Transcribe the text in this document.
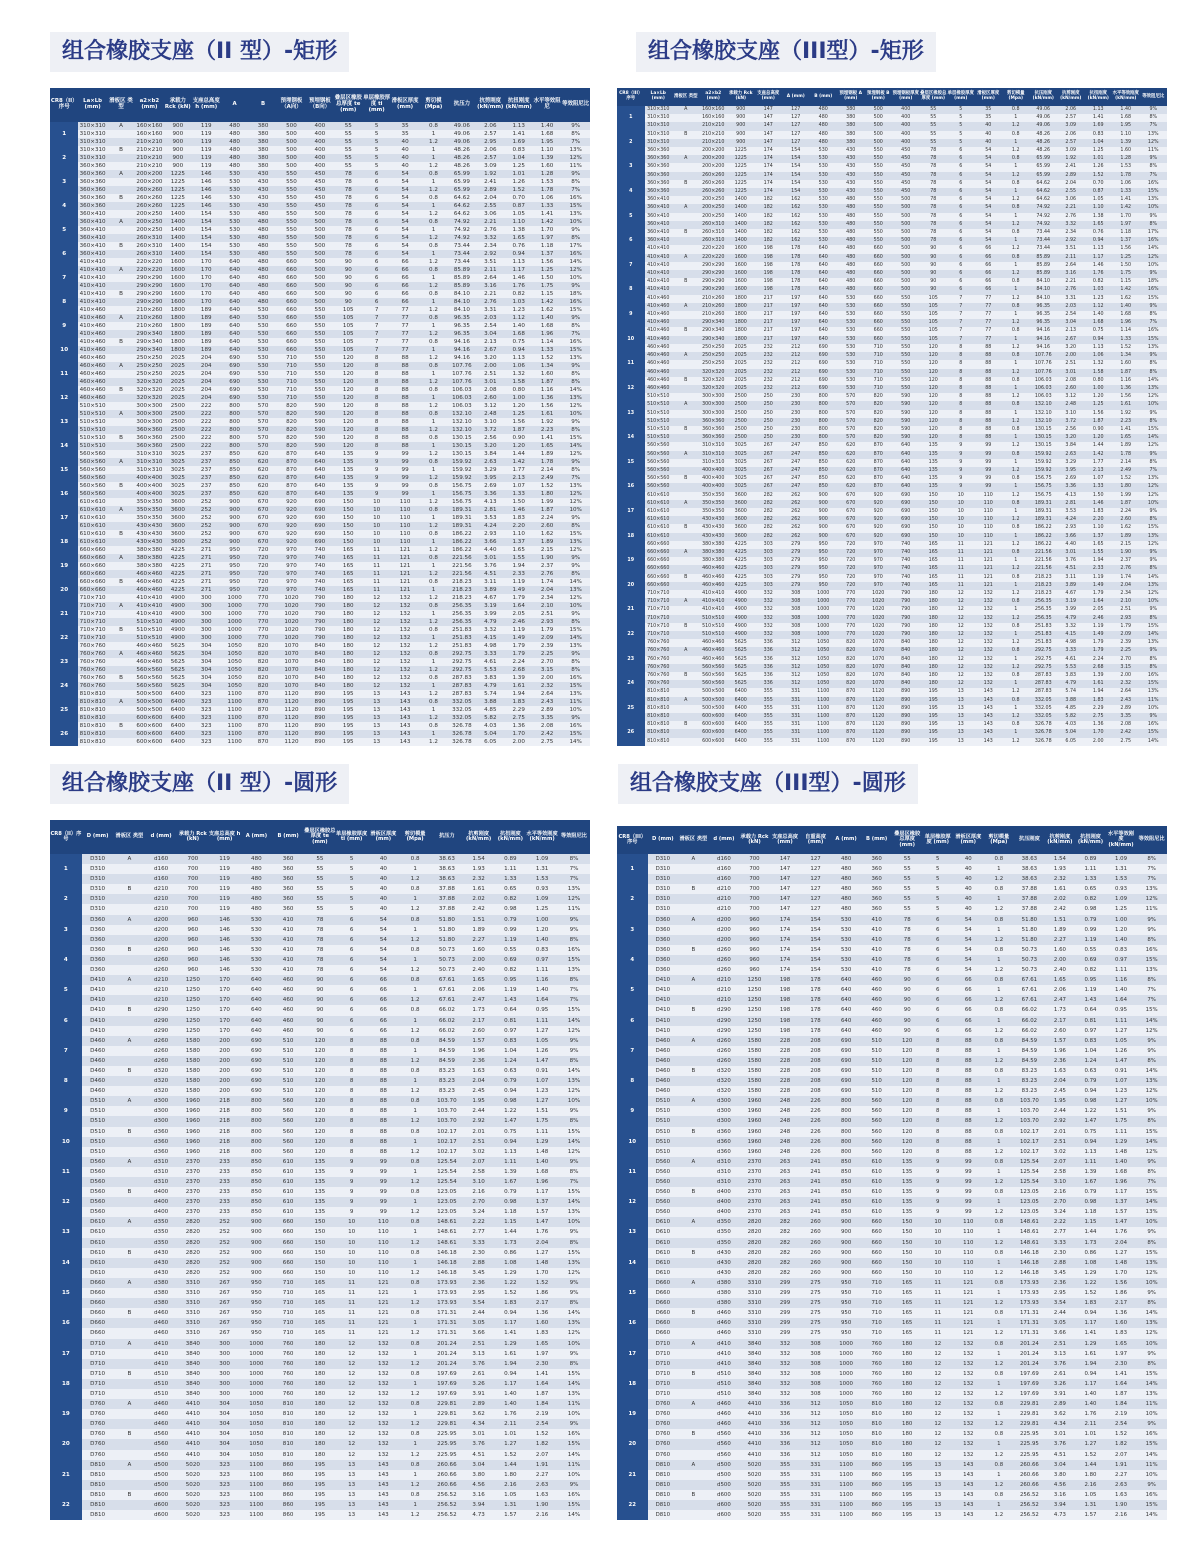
组合橡胶支座（II 型）-矩形
CR8（II）序号	La×Lb (mm)	滑板区 类型	a2×b2 (mm)	承载力 Rck (kN)	支座总高度 h (mm)	A	B	预埋钢板（A向）	预埋钢板（B向）	叠层区橡胶总厚度 te (mm)	单层橡胶厚度 ti (mm)	滑板区厚度 (mm)	剪切模 (Mpa)	抗压力	抗剪刚度 (kN/mm)	抗扭刚度 (kN/mm)	水平等效阻尼	等效阻尼比
1	310×310	A	160×160	900	119	480	380	500	400	55	5	35	0.8	49.06	2.06	1.13	1.40	9%
	310×310		160×160	900	119	480	380	500	400	55	5	35	1	49.06	2.57	1.41	1.68	8%
	310×310		210×210	900	119	480	380	500	400	55	5	40	1.2	49.06	2.95	1.69	1.95	7%
2	310×310	B	210×210	900	119	480	380	500	400	55	5	40	1	48.26	2.06	0.83	1.10	13%
	310×310		210×210	900	119	480	380	500	400	55	5	40	1	48.26	2.57	1.04	1.39	12%
	360×360		210×210	900	119	480	380	500	400	55	5	40	1.2	48.26	3.09	1.25	1.60	11%
3	360×360	A	200×200	1225	146	530	430	550	450	78	6	54	0.8	65.99	1.92	1.01	1.28	9%
	360×360		200×200	1225	146	530	430	550	450	78	6	54	1	65.99	2.41	1.26	1.53	8%
	360×360		260×260	1225	146	530	430	550	450	78	6	54	1.2	65.99	2.89	1.52	1.78	7%
4	360×360	B	260×260	1225	146	530	430	550	450	78	6	54	0.8	64.62	2.04	0.70	1.06	16%
	360×360		260×260	1225	146	530	430	550	450	78	6	54	1	64.62	2.55	0.87	1.33	15%
	360×410		200×250	1400	154	530	480	550	500	78	6	54	1.2	64.62	3.06	1.05	1.41	13%
5	360×410	A	200×250	1400	154	530	480	550	500	78	6	54	0.8	74.92	2.21	1.10	1.42	10%
	360×410		200×250	1400	154	530	480	550	500	78	6	54	1	74.92	2.76	1.38	1.70	9%
	360×410		260×310	1400	154	530	480	550	500	78	6	54	1.2	74.92	3.32	1.65	1.97	8%
6	360×410	B	260×310	1400	154	530	480	550	500	78	6	54	0.8	73.44	2.34	0.76	1.18	17%
	360×410		260×310	1400	154	530	480	550	500	78	6	54	1	73.44	2.92	0.94	1.37	16%
	410×410		220×220	1600	170	640	480	660	500	90	6	66	1.2	73.44	3.51	1.13	1.56	14%
7	410×410	A	220×220	1600	170	640	480	660	500	90	6	66	0.8	85.89	2.11	1.17	1.25	12%
	410×410		290×290	1600	170	640	480	660	500	90	6	66	1	85.89	2.64	1.46	1.50	10%
	410×410		290×290	1600	170	640	480	660	500	90	6	66	1.2	85.89	3.16	1.76	1.75	9%
8	410×410	B	290×290	1600	170	640	480	660	500	90	6	66	0.8	84.10	2.21	0.82	1.15	18%
	410×410		290×290	1600	170	640	480	660	500	90	6	66	1	84.10	2.76	1.03	1.42	16%
	410×460		210×260	1800	189	640	530	660	550	105	7	77	1.2	84.10	3.31	1.23	1.62	15%
9	410×460	A	210×260	1800	189	640	530	660	550	105	7	77	0.8	96.35	2.03	1.12	1.40	9%
	410×460		210×260	1800	189	640	530	660	550	105	7	77	1	96.35	2.54	1.40	1.68	8%
	410×460		290×340	1800	189	640	530	660	550	105	7	77	1.2	96.35	3.04	1.68	1.96	7%
10	410×460	B	290×340	1800	189	640	530	660	550	105	7	77	0.8	94.16	2.13	0.75	1.14	16%
	410×460		290×340	1800	189	640	530	660	550	105	7	77	1	94.16	2.67	0.94	1.33	15%
	460×460		250×250	2025	204	690	530	710	550	120	8	88	1.2	94.16	3.20	1.13	1.52	13%
11	460×460	A	250×250	2025	204	690	530	710	550	120	8	88	0.8	107.76	2.00	1.06	1.34	9%
	460×460		250×250	2025	204	690	530	710	550	120	8	88	1	107.76	2.51	1.32	1.60	8%
	460×460		320×320	2025	204	690	530	710	550	120	8	88	1.2	107.76	3.01	1.58	1.87	8%
12	460×460	B	320×320	2025	204	690	530	710	550	120	8	88	0.8	106.03	2.08	0.80	1.16	14%
	460×460		320×320	2025	204	690	530	710	550	120	8	88	1	106.03	2.60	1.00	1.36	13%
	510×510		300×300	2500	222	800	570	820	590	120	8	88	1.2	106.03	3.12	1.20	1.56	12%
13	510×510	A	300×300	2500	222	800	570	820	590	120	8	88	0.8	132.10	2.48	1.25	1.61	10%
	510×510		300×300	2500	222	800	570	820	590	120	8	88	1	132.10	3.10	1.56	1.92	9%
	510×510		360×360	2500	222	800	570	820	590	120	8	88	1.2	132.10	3.72	1.87	2.23	8%
14	510×510	B	360×360	2500	222	800	570	820	590	120	8	88	0.8	130.15	2.56	0.90	1.41	15%
	510×510		360×360	2500	222	800	570	820	590	120	8	88	1	130.15	3.20	1.20	1.65	14%
	560×560		310×310	3025	237	850	620	870	640	135	9	99	1.2	130.15	3.84	1.44	1.89	12%
15	560×560	A	310×310	3025	237	850	620	870	640	135	9	99	0.8	159.92	2.63	1.42	1.78	9%
	560×560		310×310	3025	237	850	620	870	640	135	9	99	1	159.92	3.29	1.77	2.14	8%
	560×560		400×400	3025	237	850	620	870	640	135	9	99	1.2	159.92	3.95	2.13	2.49	7%
16	560×560	B	400×400	3025	237	850	620	870	640	135	9	99	0.8	156.75	2.69	1.07	1.52	13%
	560×560		400×400	3025	237	850	620	870	640	135	9	99	1	156.75	3.36	1.33	1.80	12%
	610×610		350×350	3600	252	900	670	920	690	150	10	110	1.2	156.75	4.13	1.50	1.99	12%
17	610×610	A	350×350	3600	252	900	670	920	690	150	10	110	0.8	189.31	2.81	1.46	1.87	10%
	610×610		350×350	3600	252	900	670	920	690	150	10	110	1	189.31	3.53	1.83	2.24	9%
	610×610		430×430	3600	252	900	670	920	690	150	10	110	1.2	189.31	4.24	2.20	2.60	8%
18	610×610	B	430×430	3600	252	900	670	920	690	150	10	110	0.8	186.22	2.93	1.10	1.62	15%
	610×610		430×430	3600	252	900	670	920	690	150	10	110	1	186.22	3.66	1.37	1.89	13%
	660×660		380×380	4225	271	950	720	970	740	165	11	121	1.2	186.22	4.40	1.65	2.15	12%
19	660×660	A	380×380	4225	271	950	720	970	740	165	11	121	0.8	221.56	3.01	1.55	1.90	9%
	660×660		380×380	4225	271	950	720	970	740	165	11	121	1	221.56	3.76	1.94	2.37	9%
	660×660		460×460	4225	271	950	720	970	740	165	11	121	1.2	221.56	4.51	2.33	2.76	8%
20	660×660	B	460×460	4225	271	950	720	970	740	165	11	121	0.8	218.23	3.11	1.19	1.74	14%
	660×660		460×460	4225	271	950	720	970	740	165	11	121	1	218.23	3.89	1.49	2.04	13%
	710×710		410×410	4900	300	1000	770	1020	790	180	12	132	1.2	218.23	4.67	1.79	2.34	12%
21	710×710	A	410×410	4900	300	1000	770	1020	790	180	12	132	0.8	256.35	3.19	1.64	2.10	10%
	710×710		410×410	4900	300	1000	770	1020	790	180	12	132	1	256.35	3.99	2.05	2.51	9%
	710×710		510×510	4900	300	1000	770	1020	790	180	12	132	1.2	256.35	4.79	2.46	2.93	8%
22	710×710	B	510×510	4900	300	1000	770	1020	790	180	12	132	0.8	251.83	3.32	1.19	1.79	15%
	710×710		510×510	4900	300	1000	770	1020	790	180	12	132	1	251.83	4.15	1.49	2.09	14%
	760×760		460×460	5625	304	1050	820	1070	840	180	12	132	1.2	251.83	4.98	1.79	2.39	13%
23	760×760	A	460×460	5625	304	1050	820	1070	840	180	12	132	0.8	292.75	3.33	1.79	2.25	9%
	760×760		460×460	5625	304	1050	820	1070	840	180	12	132	1	292.75	4.61	2.24	2.70	8%
	760×760		560×560	5625	304	1050	820	1070	840	180	12	132	1.2	292.75	5.53	2.68	3.15	8%
24	760×760	B	560×560	5625	304	1050	820	1070	840	180	12	132	0.8	287.83	3.83	1.39	2.00	16%
	760×760		560×560	5625	304	1050	820	1070	840	180	12	132	1	287.83	4.79	1.61	2.32	15%
	810×810		500×500	6400	323	1100	870	1120	890	195	13	143	1.2	287.83	5.74	1.94	2.64	13%
25	810×810	A	500×500	6400	323	1100	870	1120	890	195	13	143	0.8	332.05	3.88	1.83	2.43	11%
	810×810		500×500	6400	323	1100	870	1120	890	195	13	143	1	332.05	4.85	2.29	2.89	10%
	810×810		600×600	6400	323	1100	870	1120	890	195	13	143	1.2	332.05	5.82	2.75	3.35	9%
26	810×810	B	600×600	6400	323	1100	870	1120	890	195	13	143	0.8	326.78	4.03	1.36	2.08	16%
	810×810		600×600	6400	323	1100	870	1120	890	195	13	143	1	326.78	5.04	1.70	2.42	15%
	810×810		600×600	6400	323	1100	870	1120	890	195	13	143	1.2	326.78	6.05	2.00	2.75	14%
组合橡胶支座（III型）-矩形
CR8（III）序号	La×Lb (mm)	滑板区 类型	a2×b2 (mm)	承载力 Rck (kN)	支座总高度 (mm)	A (mm)	B (mm)	预埋钢板 A (mm)	预埋钢板 B (mm)	预埋钢板厚度 (mm)	叠层区橡胶总厚度 (mm)	单层橡胶厚度 (mm)	滑板区厚度 (mm)	剪切模量 (Mpa)	抗压刚度 (kN/mm)	抗剪刚度 (kN/mm)	抗扭刚度 (kN/mm)	水平等效刚度 (kN/mm)	等效阻尼比
1	310×310	A	160×160	900	147	127	480	380	500	400	55	5	35	0.8	49.06	2.06	1.13	1.40	9%
	310×310		160×160	900	147	127	480	380	500	400	55	5	35	1	49.06	2.57	1.41	1.68	8%
	310×310		210×210	900	147	127	480	380	500	400	55	5	40	1.2	49.06	3.09	1.69	1.95	7%
2	310×310	B	210×210	900	147	127	480	380	500	400	55	5	40	0.8	48.26	2.06	0.83	1.10	13%
	310×310		210×210	900	147	127	480	380	500	400	55	5	40	1	48.26	2.57	1.04	1.39	12%
	360×360		200×200	1225	174	154	530	430	550	450	78	6	54	1.2	48.26	3.09	1.25	1.60	11%
3	360×360	A	200×200	1225	174	154	530	430	550	450	78	6	54	0.8	65.99	1.92	1.01	1.28	9%
	360×360		200×200	1225	174	154	530	430	550	450	78	6	54	1	65.99	2.41	1.26	1.53	8%
	360×360		260×260	1225	174	154	530	430	550	450	78	6	54	1.2	65.99	2.89	1.52	1.78	7%
4	360×360	B	260×260	1225	174	154	530	430	550	450	78	6	54	0.8	64.62	2.04	0.70	1.06	16%
	360×360		260×260	1225	174	154	530	430	550	450	78	6	54	1	64.62	2.55	0.87	1.33	15%
	360×410		200×250	1400	182	162	530	480	550	500	78	6	54	1.2	64.62	3.06	1.05	1.41	13%
5	360×410	A	200×250	1400	182	162	530	480	550	500	78	6	54	0.8	74.92	2.21	1.10	1.42	10%
	360×410		200×250	1400	182	162	530	480	550	500	78	6	54	1	74.92	2.76	1.38	1.70	9%
	360×410		260×310	1400	182	162	530	480	550	500	78	6	54	1.2	74.92	3.32	1.65	1.97	8%
6	360×410	B	260×310	1400	182	162	530	480	550	500	78	6	54	0.8	73.44	2.34	0.76	1.18	17%
	360×410		260×310	1400	182	162	530	480	550	500	78	6	54	1	73.44	2.92	0.94	1.37	16%
	410×410		220×220	1600	198	178	640	480	660	500	90	6	66	1.2	73.44	3.51	1.13	1.56	14%
7	410×410	A	220×220	1600	198	178	640	480	660	500	90	6	66	0.8	85.89	2.11	1.17	1.25	12%
	410×410		290×290	1600	198	178	640	480	660	500	90	6	66	1	85.89	2.64	1.46	1.50	10%
	410×410		290×290	1600	198	178	640	480	660	500	90	6	66	1.2	85.89	3.16	1.76	1.75	9%
8	410×410	B	290×290	1600	198	178	640	480	660	500	90	6	66	0.8	84.10	2.21	0.82	1.15	18%
	410×410		290×290	1600	198	178	640	480	660	500	90	6	66	1	84.10	2.76	1.03	1.42	16%
	410×460		210×260	1800	217	197	640	530	660	550	105	7	77	1.2	84.10	3.31	1.23	1.62	15%
9	410×460	A	210×260	1800	217	197	640	530	660	550	105	7	77	0.8	96.35	2.03	1.12	1.40	9%
	410×460		210×260	1800	217	197	640	530	660	550	105	7	77	1	96.35	2.54	1.40	1.68	8%
	410×460		290×340	1800	217	197	640	530	660	550	105	7	77	1.2	96.35	3.04	1.68	1.96	7%
10	410×460	B	290×340	1800	217	197	640	530	660	550	105	7	77	0.8	94.16	2.13	0.75	1.14	16%
	410×460		290×340	1800	217	197	640	530	660	550	105	7	77	1	94.16	2.67	0.94	1.33	15%
	460×460		250×250	2025	232	212	690	530	710	550	120	8	88	1.2	94.16	3.20	1.13	1.52	13%
11	460×460	A	250×250	2025	232	212	690	530	710	550	120	8	88	0.8	107.76	2.00	1.06	1.34	9%
	460×460		250×250	2025	232	212	690	530	710	550	120	8	88	1	107.76	2.51	1.32	1.60	8%
	460×460		320×320	2025	232	212	690	530	710	550	120	8	88	1.2	107.76	3.01	1.58	1.87	8%
12	460×460	B	320×320	2025	232	212	690	530	710	550	120	8	88	0.8	106.03	2.08	0.80	1.16	14%
	460×460		320×320	2025	232	212	690	530	710	550	120	8	88	1	106.03	2.60	1.00	1.36	13%
	510×510		300×300	2500	250	230	800	570	820	590	120	8	88	1.2	106.03	3.12	1.20	1.56	12%
13	510×510	A	300×300	2500	250	230	800	570	820	590	120	8	88	0.8	132.10	2.48	1.25	1.61	10%
	510×510		300×300	2500	250	230	800	570	820	590	120	8	88	1	132.10	3.10	1.56	1.92	9%
	510×510		360×360	2500	250	230	800	570	820	590	120	8	88	1.2	132.10	3.72	1.87	2.23	8%
14	510×510	B	360×360	2500	250	230	800	570	820	590	120	8	88	0.8	130.15	2.56	0.90	1.41	15%
	510×510		360×360	2500	250	230	800	570	820	590	120	8	88	1	130.15	3.20	1.20	1.65	14%
	560×560		310×310	3025	267	247	850	620	870	640	135	9	99	1.2	130.15	3.84	1.44	1.89	12%
15	560×560	A	310×310	3025	267	247	850	620	870	640	135	9	99	0.8	159.92	2.63	1.42	1.78	9%
	560×560		310×310	3025	267	247	850	620	870	640	135	9	99	1	159.92	3.29	1.77	2.14	8%
	560×560		400×400	3025	267	247	850	620	870	640	135	9	99	1.2	159.92	3.95	2.13	2.49	7%
16	560×560	B	400×400	3025	267	247	850	620	870	640	135	9	99	0.8	156.75	2.69	1.07	1.52	13%
	560×560		400×400	3025	267	247	850	620	870	640	135	9	99	1	156.75	3.36	1.33	1.80	12%
	610×610		350×350	3600	282	262	900	670	920	690	150	10	110	1.2	156.75	4.13	1.50	1.99	12%
17	610×610	A	350×350	3600	282	262	900	670	920	690	150	10	110	0.8	189.31	2.81	1.46	1.87	10%
	610×610		350×350	3600	282	262	900	670	920	690	150	10	110	1	189.31	3.53	1.83	2.24	9%
	610×610		430×430	3600	282	262	900	670	920	690	150	10	110	1.2	189.31	4.24	2.20	2.60	8%
18	610×610	B	430×430	3600	282	262	900	670	920	690	150	10	110	0.8	186.22	2.93	1.10	1.62	15%
	610×610		430×430	3600	282	262	900	670	920	690	150	10	110	1	186.22	3.66	1.37	1.89	13%
	660×660		380×380	4225	303	279	950	720	970	740	165	11	121	1.2	186.22	4.40	1.65	2.15	12%
19	660×660	A	380×380	4225	303	279	950	720	970	740	165	11	121	0.8	221.56	3.01	1.55	1.90	9%
	660×660		380×380	4225	303	279	950	720	970	740	165	11	121	1	221.56	3.76	1.94	2.37	9%
	660×660		460×460	4225	303	279	950	720	970	740	165	11	121	1.2	221.56	4.51	2.33	2.76	8%
20	660×660	B	460×460	4225	303	279	950	720	970	740	165	11	121	0.8	218.23	3.11	1.19	1.74	14%
	660×660		460×460	4225	303	279	950	720	970	740	165	11	121	1	218.23	3.89	1.49	2.04	13%
	710×710		410×410	4900	332	308	1000	770	1020	790	180	12	132	1.2	218.23	4.67	1.79	2.34	12%
21	710×710	A	410×410	4900	332	308	1000	770	1020	790	180	12	132	0.8	256.35	3.19	1.64	2.10	10%
	710×710		410×410	4900	332	308	1000	770	1020	790	180	12	132	1	256.35	3.99	2.05	2.51	9%
	710×710		510×510	4900	332	308	1000	770	1020	790	180	12	132	1.2	256.35	4.79	2.46	2.93	8%
22	710×710	B	510×510	4900	332	308	1000	770	1020	790	180	12	132	0.8	251.83	3.32	1.19	1.79	15%
	710×710		510×510	4900	332	308	1000	770	1020	790	180	12	132	1	251.83	4.15	1.49	2.09	14%
	760×760		460×460	5625	336	312	1050	820	1070	840	180	12	132	1.2	251.83	4.98	1.79	2.39	13%
23	760×760	A	460×460	5625	336	312	1050	820	1070	840	180	12	132	0.8	292.75	3.33	1.79	2.25	9%
	760×760		460×460	5625	336	312	1050	820	1070	840	180	12	132	1	292.75	4.61	2.24	2.70	8%
	760×760		560×560	5625	336	312	1050	820	1070	840	180	12	132	1.2	292.75	5.53	2.68	3.15	8%
24	760×760	B	560×560	5625	336	312	1050	820	1070	840	180	12	132	0.8	287.83	3.83	1.39	2.00	16%
	760×760		560×560	5625	336	312	1050	820	1070	840	180	12	132	1	287.83	4.79	1.61	2.32	15%
	810×810		500×500	6400	355	331	1100	870	1120	890	195	13	143	1.2	287.83	5.74	1.94	2.64	13%
25	810×810	A	500×500	6400	355	331	1100	870	1120	890	195	13	143	0.8	332.05	3.88	1.83	2.43	11%
	810×810		500×500	6400	355	331	1100	870	1120	890	195	13	143	1	332.05	4.85	2.29	2.89	10%
	810×810		600×600	6400	355	331	1100	870	1120	890	195	13	143	1.2	332.05	5.82	2.75	3.35	9%
26	810×810	B	600×600	6400	355	331	1100	870	1120	890	195	13	143	0.8	326.78	4.03	1.36	2.08	16%
	810×810		600×600	6400	355	331	1100	870	1120	890	195	13	143	1	326.78	5.04	1.70	2.42	15%
	810×810		600×600	6400	355	331	1100	870	1120	890	195	13	143	1.2	326.78	6.05	2.00	2.75	14%
组合橡胶支座（II 型）-圆形
CR8（II）序号	D (mm)	滑板区 类型	d (mm)	承载力 Rck (kN)	支座总高度 h (mm)	A (mm)	B (mm)	叠层区橡胶总厚度 te (mm)	单层橡胶厚度 ti (mm)	滑板区厚度 (mm)	剪切模量 (Mpa)	抗压力	抗剪刚度 (kN/mm)	抗扭刚度 (kN/mm)	水平等效刚度 (kN/mm)	等效阻尼比
1	D310	A	d160	700	119	480	360	55	5	40	0.8	38.63	1.54	0.89	1.09	8%
	D310		d160	700	119	480	360	55	5	40	1	38.63	1.93	1.11	1.31	7%
	D310		d160	700	119	480	360	55	5	40	1.2	38.63	2.32	1.33	1.53	7%
2	D310	B	d210	700	119	480	360	55	5	40	0.8	37.88	1.61	0.65	0.93	13%
	D310		d210	700	119	480	360	55	5	40	1	37.88	2.02	0.82	1.09	12%
	D310		d210	700	119	480	360	55	5	40	1.2	37.88	2.42	0.98	1.25	11%
3	D360	A	d200	960	146	530	410	78	6	54	0.8	51.80	1.51	0.79	1.00	9%
	D360		d200	960	146	530	410	78	6	54	1	51.80	1.89	0.99	1.20	9%
	D360		d200	960	146	530	410	78	6	54	1.2	51.80	2.27	1.19	1.40	8%
4	D360	B	d260	960	146	530	410	78	6	54	0.8	50.73	1.60	0.55	0.83	16%
	D360		d260	960	146	530	410	78	6	54	1	50.73	2.00	0.69	0.97	15%
	D360		d260	960	146	530	410	78	6	54	1.2	50.73	2.40	0.82	1.11	13%
5	D410	A	d210	1250	170	640	460	90	6	66	0.8	67.61	1.65	0.95	1.16	8%
	D410		d210	1250	170	640	460	90	6	66	1	67.61	2.06	1.19	1.40	7%
	D410		d210	1250	170	640	460	90	6	66	1.2	67.61	2.47	1.43	1.64	7%
6	D410	B	d290	1250	170	640	460	90	6	66	0.8	66.02	1.73	0.64	0.95	15%
	D410		d290	1250	170	640	460	90	6	66	1	66.02	2.17	0.81	1.11	14%
	D410		d290	1250	170	640	460	90	6	66	1.2	66.02	2.60	0.97	1.27	12%
7	D460	A	d260	1580	200	690	510	120	8	88	0.8	84.59	1.57	0.83	1.05	9%
	D460		d260	1580	200	690	510	120	8	88	1	84.59	1.96	1.04	1.26	9%
	D460		d260	1580	200	690	510	120	8	88	1.2	84.59	2.36	1.24	1.47	8%
8	D460	B	d320	1580	200	690	510	120	8	88	0.8	83.23	1.63	0.63	0.91	14%
	D460		d320	1580	200	690	510	120	8	88	1	83.23	2.04	0.79	1.07	13%
	D460		d320	1580	200	690	510	120	8	88	1.2	83.23	2.45	0.94	1.23	12%
9	D510	A	d300	1960	218	800	560	120	8	88	0.8	103.70	1.95	0.98	1.27	10%
	D510		d300	1960	218	800	560	120	8	88	1	103.70	2.44	1.22	1.51	9%
	D510		d300	1960	218	800	560	120	8	88	1.2	103.70	2.92	1.47	1.75	8%
10	D510	B	d360	1960	218	800	560	120	8	88	0.8	102.17	2.01	0.75	1.11	15%
	D510		d360	1960	218	800	560	120	8	88	1	102.17	2.51	0.94	1.29	14%
	D510		d360	1960	218	800	560	120	8	88	1.2	102.17	3.02	1.13	1.48	12%
11	D560	A	d310	2370	233	850	610	135	9	99	0.8	125.54	2.07	1.11	1.40	9%
	D560		d310	2370	233	850	610	135	9	99	1	125.54	2.58	1.39	1.68	8%
	D560		d310	2370	233	850	610	135	9	99	1.2	125.54	3.10	1.67	1.96	7%
12	D560	B	d400	2370	233	850	610	135	9	99	0.8	123.05	2.16	0.79	1.17	15%
	D560		d400	2370	233	850	610	135	9	99	1	123.05	2.70	0.98	1.37	14%
	D560		d400	2370	233	850	610	135	9	99	1.2	123.05	3.24	1.18	1.57	13%
13	D610	A	d350	2820	252	900	660	150	10	110	0.8	148.61	2.22	1.15	1.47	10%
	D610		d350	2820	252	900	660	150	10	110	1	148.61	2.77	1.44	1.76	9%
	D610		d350	2820	252	900	660	150	10	110	1.2	148.61	3.33	1.73	2.04	8%
14	D610	B	d430	2820	252	900	660	150	10	110	0.8	146.18	2.30	0.86	1.27	15%
	D610		d430	2820	252	900	660	150	10	110	1	146.18	2.88	1.08	1.48	13%
	D610		d430	2820	252	900	660	150	10	110	1.2	146.18	3.45	1.29	1.70	12%
15	D660	A	d380	3310	267	950	710	165	11	121	0.8	173.93	2.36	1.22	1.52	9%
	D660		d380	3310	267	950	710	165	11	121	1	173.93	2.95	1.52	1.86	9%
	D660		d380	3310	267	950	710	165	11	121	1.2	173.93	3.54	1.83	2.17	8%
16	D660	B	d460	3310	267	950	710	165	11	121	0.8	171.31	2.44	0.94	1.36	14%
	D660		d460	3310	267	950	710	165	11	121	1	171.31	3.05	1.17	1.60	13%
	D660		d460	3310	267	950	710	165	11	121	1.2	171.31	3.66	1.41	1.83	12%
17	D710	A	d410	3840	300	1000	760	180	12	132	0.8	201.24	2.51	1.29	1.65	10%
	D710		d410	3840	300	1000	760	180	12	132	1	201.24	3.13	1.61	1.97	9%
	D710		d410	3840	300	1000	760	180	12	132	1.2	201.24	3.76	1.94	2.30	8%
18	D710	B	d510	3840	300	1000	760	180	12	132	0.8	197.69	2.61	0.94	1.41	15%
	D710		d510	3840	300	1000	760	180	12	132	1	197.69	3.26	1.17	1.64	14%
	D710		d510	3840	300	1000	760	180	12	132	1.2	197.69	3.91	1.40	1.87	13%
19	D760	A	d460	4410	304	1050	810	180	12	132	0.8	229.81	2.89	1.40	1.84	11%
	D760		d460	4410	304	1050	810	180	12	132	1	229.81	3.62	1.76	2.19	10%
	D760		d460	4410	304	1050	810	180	12	132	1.2	229.81	4.34	2.11	2.54	9%
20	D760	B	d560	4410	304	1050	810	180	12	132	0.8	225.95	3.01	1.01	1.52	16%
	D760		d560	4410	304	1050	810	180	12	132	1	225.95	3.76	1.27	1.82	15%
	D760		d560	4410	304	1050	810	180	12	132	1.2	225.95	4.51	1.52	2.07	14%
21	D810	A	d500	5020	323	1100	860	195	13	143	0.8	260.66	3.04	1.44	1.91	11%
	D810		d500	5020	323	1100	860	195	13	143	1	260.66	3.80	1.80	2.27	10%
	D810		d500	5020	323	1100	860	195	13	143	1.2	260.66	4.56	2.16	2.63	9%
22	D810	B	d600	5020	323	1100	860	195	13	143	0.8	256.52	3.16	1.05	1.63	16%
	D810		d600	5020	323	1100	860	195	13	143	1	256.52	3.94	1.31	1.90	15%
	D810		d600	5020	323	1100	860	195	13	143	1.2	256.52	4.73	1.57	2.16	14%
组合橡胶支座（III型）-圆形
CR8（III）序号	D (mm)	滑板区 类型	d (mm)	承载力 Rck (kN)	支座总高度 (mm)	自重高度 (mm)	A (mm)	B (mm)	叠层区橡胶总厚度 (mm)	单层橡胶厚度 (mm)	滑板区厚度 (mm)	剪切模量 (Mpa)	抗压刚度	抗剪刚度 (kN/mm)	抗扭刚度 (kN/mm)	水平等效刚度 (kN/mm)	等效阻尼比
1	D310	A	d160	700	147	127	480	360	55	5	40	0.8	38.63	1.54	0.89	1.09	8%
	D310		d160	700	147	127	480	360	55	5	40	1	38.63	1.93	1.11	1.31	7%
	D310		d160	700	147	127	480	360	55	5	40	1.2	38.63	2.32	1.33	1.53	7%
2	D310	B	d210	700	147	127	480	360	55	5	40	0.8	37.88	1.61	0.65	0.93	13%
	D310		d210	700	147	127	480	360	55	5	40	1	37.88	2.02	0.82	1.09	12%
	D310		d210	700	147	127	480	360	55	5	40	1.2	37.88	2.42	0.98	1.25	11%
3	D360	A	d200	960	174	154	530	410	78	6	54	0.8	51.80	1.51	0.79	1.00	9%
	D360		d200	960	174	154	530	410	78	6	54	1	51.80	1.89	0.99	1.20	9%
	D360		d200	960	174	154	530	410	78	6	54	1.2	51.80	2.27	1.19	1.40	8%
4	D360	B	d260	960	174	154	530	410	78	6	54	0.8	50.73	1.60	0.55	0.83	16%
	D360		d260	960	174	154	530	410	78	6	54	1	50.73	2.00	0.69	0.97	15%
	D360		d260	960	174	154	530	410	78	6	54	1.2	50.73	2.40	0.82	1.11	13%
5	D410	A	d210	1250	198	178	640	460	90	6	66	0.8	67.61	1.65	0.95	1.16	8%
	D410		d210	1250	198	178	640	460	90	6	66	1	67.61	2.06	1.19	1.40	7%
	D410		d210	1250	198	178	640	460	90	6	66	1.2	67.61	2.47	1.43	1.64	7%
6	D410	B	d290	1250	198	178	640	460	90	6	66	0.8	66.02	1.73	0.64	0.95	15%
	D410		d290	1250	198	178	640	460	90	6	66	1	66.02	2.17	0.81	1.11	14%
	D410		d290	1250	198	178	640	460	90	6	66	1.2	66.02	2.60	0.97	1.27	12%
7	D460	A	d260	1580	228	208	690	510	120	8	88	0.8	84.59	1.57	0.83	1.05	9%
	D460		d260	1580	228	208	690	510	120	8	88	1	84.59	1.96	1.04	1.26	9%
	D460		d260	1580	228	208	690	510	120	8	88	1.2	84.59	2.36	1.24	1.47	8%
8	D460	B	d320	1580	228	208	690	510	120	8	88	0.8	83.23	1.63	0.63	0.91	14%
	D460		d320	1580	228	208	690	510	120	8	88	1	83.23	2.04	0.79	1.07	13%
	D460		d320	1580	228	208	690	510	120	8	88	1.2	83.23	2.45	0.94	1.23	12%
9	D510	A	d300	1960	248	226	800	560	120	8	88	0.8	103.70	1.95	0.98	1.27	10%
	D510		d300	1960	248	226	800	560	120	8	88	1	103.70	2.44	1.22	1.51	9%
	D510		d300	1960	248	226	800	560	120	8	88	1.2	103.70	2.92	1.47	1.75	8%
10	D510	B	d360	1960	248	226	800	560	120	8	88	0.8	102.17	2.01	0.75	1.11	15%
	D510		d360	1960	248	226	800	560	120	8	88	1	102.17	2.51	0.94	1.29	14%
	D510		d360	1960	248	226	800	560	120	8	88	1.2	102.17	3.02	1.13	1.48	12%
11	D560	A	d310	2370	263	241	850	610	135	9	99	0.8	125.54	2.07	1.11	1.40	9%
	D560		d310	2370	263	241	850	610	135	9	99	1	125.54	2.58	1.39	1.68	8%
	D560		d310	2370	263	241	850	610	135	9	99	1.2	125.54	3.10	1.67	1.96	7%
12	D560	B	d400	2370	263	241	850	610	135	9	99	0.8	123.05	2.16	0.79	1.17	15%
	D560		d400	2370	263	241	850	610	135	9	99	1	123.05	2.70	0.98	1.37	14%
	D560		d400	2370	263	241	850	610	135	9	99	1.2	123.05	3.24	1.18	1.57	13%
13	D610	A	d350	2820	282	260	900	660	150	10	110	0.8	148.61	2.22	1.15	1.47	10%
	D610		d350	2820	282	260	900	660	150	10	110	1	148.61	2.77	1.44	1.76	9%
	D610		d350	2820	282	260	900	660	150	10	110	1.2	148.61	3.33	1.73	2.04	8%
14	D610	B	d430	2820	282	260	900	660	150	10	110	0.8	146.18	2.30	0.86	1.27	15%
	D610		d430	2820	282	260	900	660	150	10	110	1	146.18	2.88	1.08	1.48	13%
	D610		d430	2820	282	260	900	660	150	10	110	1.2	146.18	3.45	1.29	1.70	12%
15	D660	A	d380	3310	299	275	950	710	165	11	121	0.8	173.93	2.36	1.22	1.56	10%
	D660		d380	3310	299	275	950	710	165	11	121	1	173.93	2.95	1.52	1.86	9%
	D660		d380	3310	299	275	950	710	165	11	121	1.2	173.93	3.54	1.83	2.17	8%
16	D660	B	d460	3310	299	275	950	710	165	11	121	0.8	171.31	2.44	0.94	1.36	14%
	D660		d460	3310	299	275	950	710	165	11	121	1	171.31	3.05	1.17	1.60	13%
	D660		d460	3310	299	275	950	710	165	11	121	1.2	171.31	3.66	1.41	1.83	12%
17	D710	A	d410	3840	332	308	1000	760	180	12	132	0.8	201.24	2.51	1.29	1.65	10%
	D710		d410	3840	332	308	1000	760	180	12	132	1	201.24	3.13	1.61	1.97	9%
	D710		d410	3840	332	308	1000	760	180	12	132	1.2	201.24	3.76	1.94	2.30	8%
18	D710	B	d510	3840	332	308	1000	760	180	12	132	0.8	197.69	2.61	0.94	1.41	15%
	D710		d510	3840	332	308	1000	760	180	12	132	1	197.69	3.26	1.17	1.64	14%
	D710		d510	3840	332	308	1000	760	180	12	132	1.2	197.69	3.91	1.40	1.87	13%
19	D760	A	d460	4410	336	312	1050	810	180	12	132	0.8	229.81	2.89	1.40	1.84	11%
	D760		d460	4410	336	312	1050	810	180	12	132	1	229.81	3.62	1.76	2.19	10%
	D760		d460	4410	336	312	1050	810	180	12	132	1.2	229.81	4.34	2.11	2.54	9%
20	D760	B	d560	4410	336	312	1050	810	180	12	132	0.8	225.95	3.01	1.01	1.52	16%
	D760		d560	4410	336	312	1050	810	180	12	132	1	225.95	3.76	1.27	1.82	15%
	D760		d560	4410	336	312	1050	810	180	12	132	1.2	225.95	4.51	1.52	2.07	14%
21	D810	A	d500	5020	355	331	1100	860	195	13	143	0.8	260.66	3.04	1.44	1.91	11%
	D810		d500	5020	355	331	1100	860	195	13	143	1	260.66	3.80	1.80	2.27	10%
	D810		d500	5020	355	331	1100	860	195	13	143	1.2	260.66	4.56	2.16	2.63	9%
22	D810	B	d600	5020	355	331	1100	860	195	13	143	0.8	256.52	3.16	1.05	1.63	16%
	D810		d600	5020	355	331	1100	860	195	13	143	1	256.52	3.94	1.31	1.90	15%
	D810		d600	5020	355	331	1100	860	195	13	143	1.2	256.52	4.73	1.57	2.16	14%
